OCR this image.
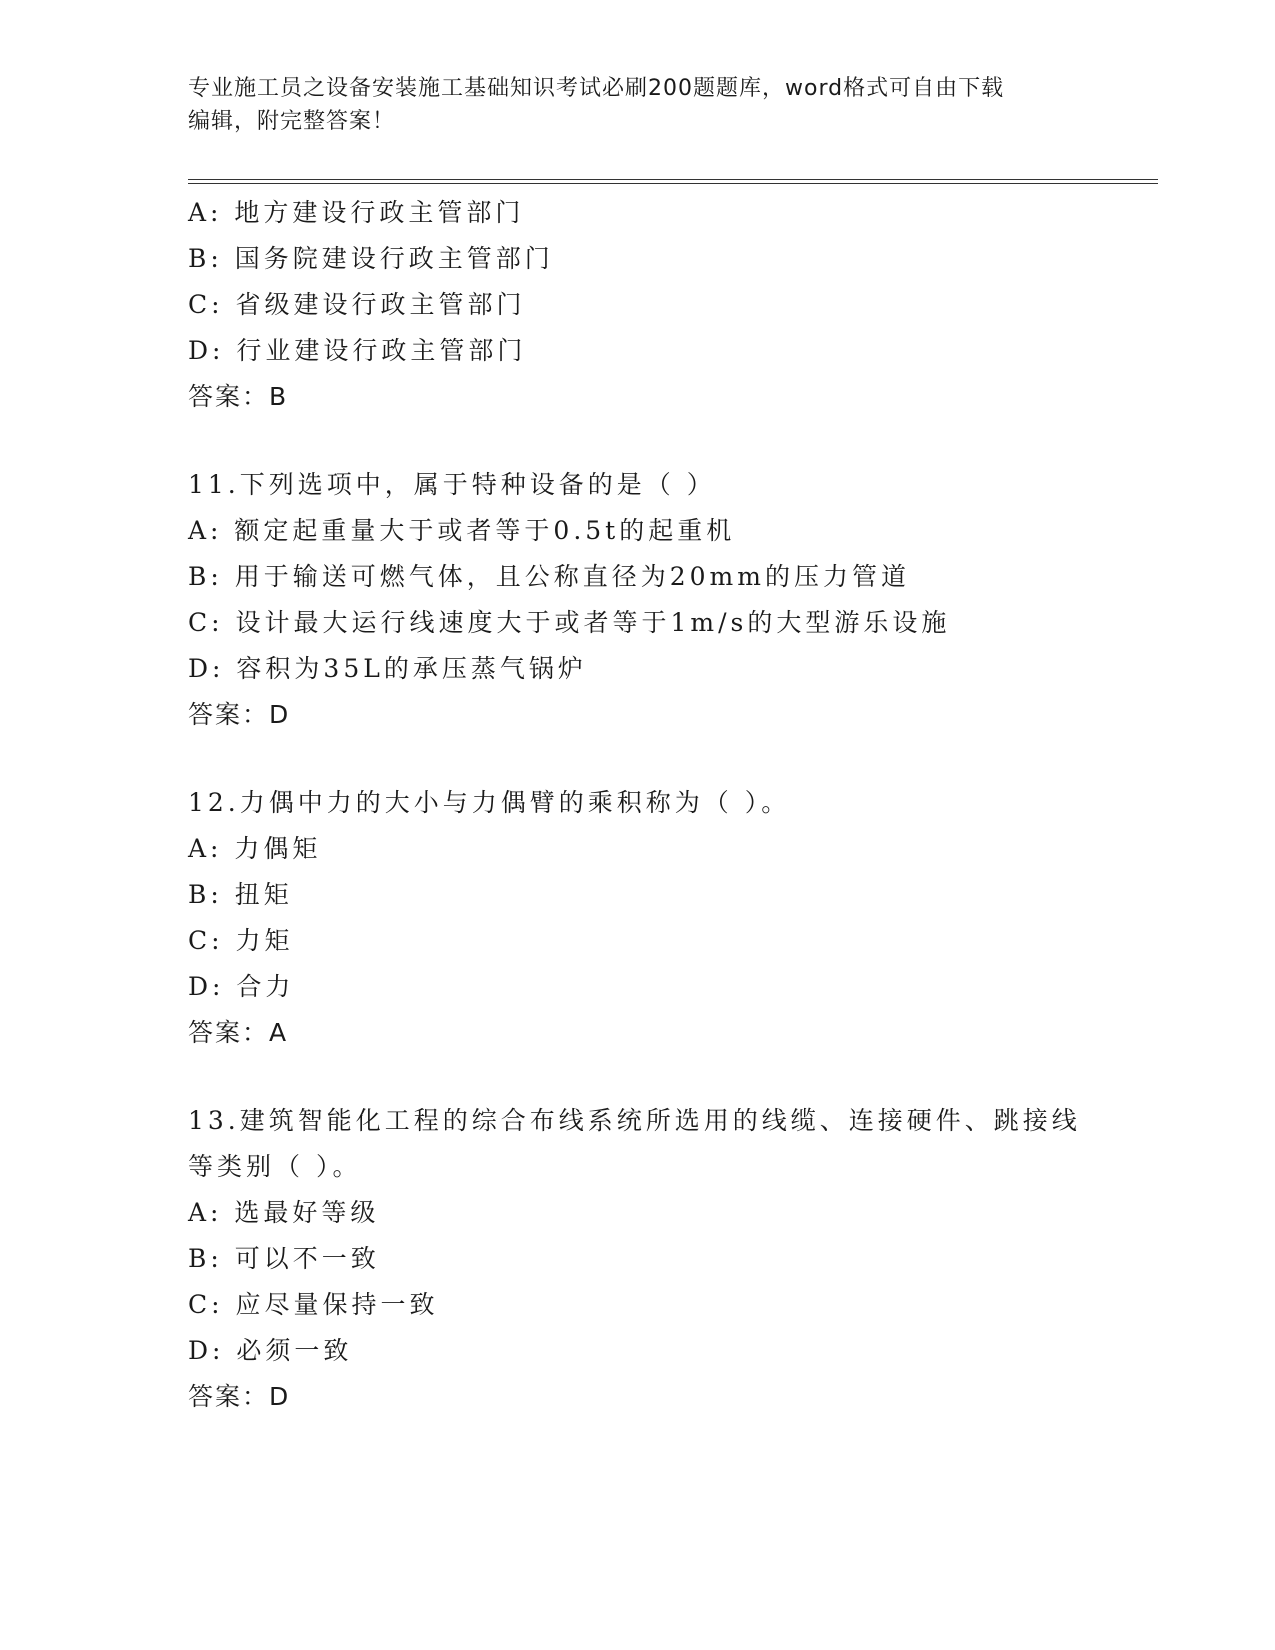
专业施工员之设备安装施工基础知识考试必刷200题题库，word格式可自由下载
编辑，附完整答案！
A: 地方建设行政主管部门
B: 国务院建设行政主管部门
C: 省级建设行政主管部门
D: 行业建设行政主管部门
答案：B
11.下列选项中，属于特种设备的是（ ）
A: 额定起重量大于或者等于0.5t的起重机
B: 用于输送可燃气体，且公称直径为20mm的压力管道
C: 设计最大运行线速度大于或者等于1m/s的大型游乐设施
D: 容积为35L的承压蒸气锅炉
答案：D
12.力偶中力的大小与力偶臂的乘积称为（ ）。
A: 力偶矩
B: 扭矩
C: 力矩
D: 合力
答案：A
13.建筑智能化工程的综合布线系统所选用的线缆、连接硬件、跳接线
等类别（ ）。
A: 选最好等级
B: 可以不一致
C: 应尽量保持一致
D: 必须一致
答案：D
